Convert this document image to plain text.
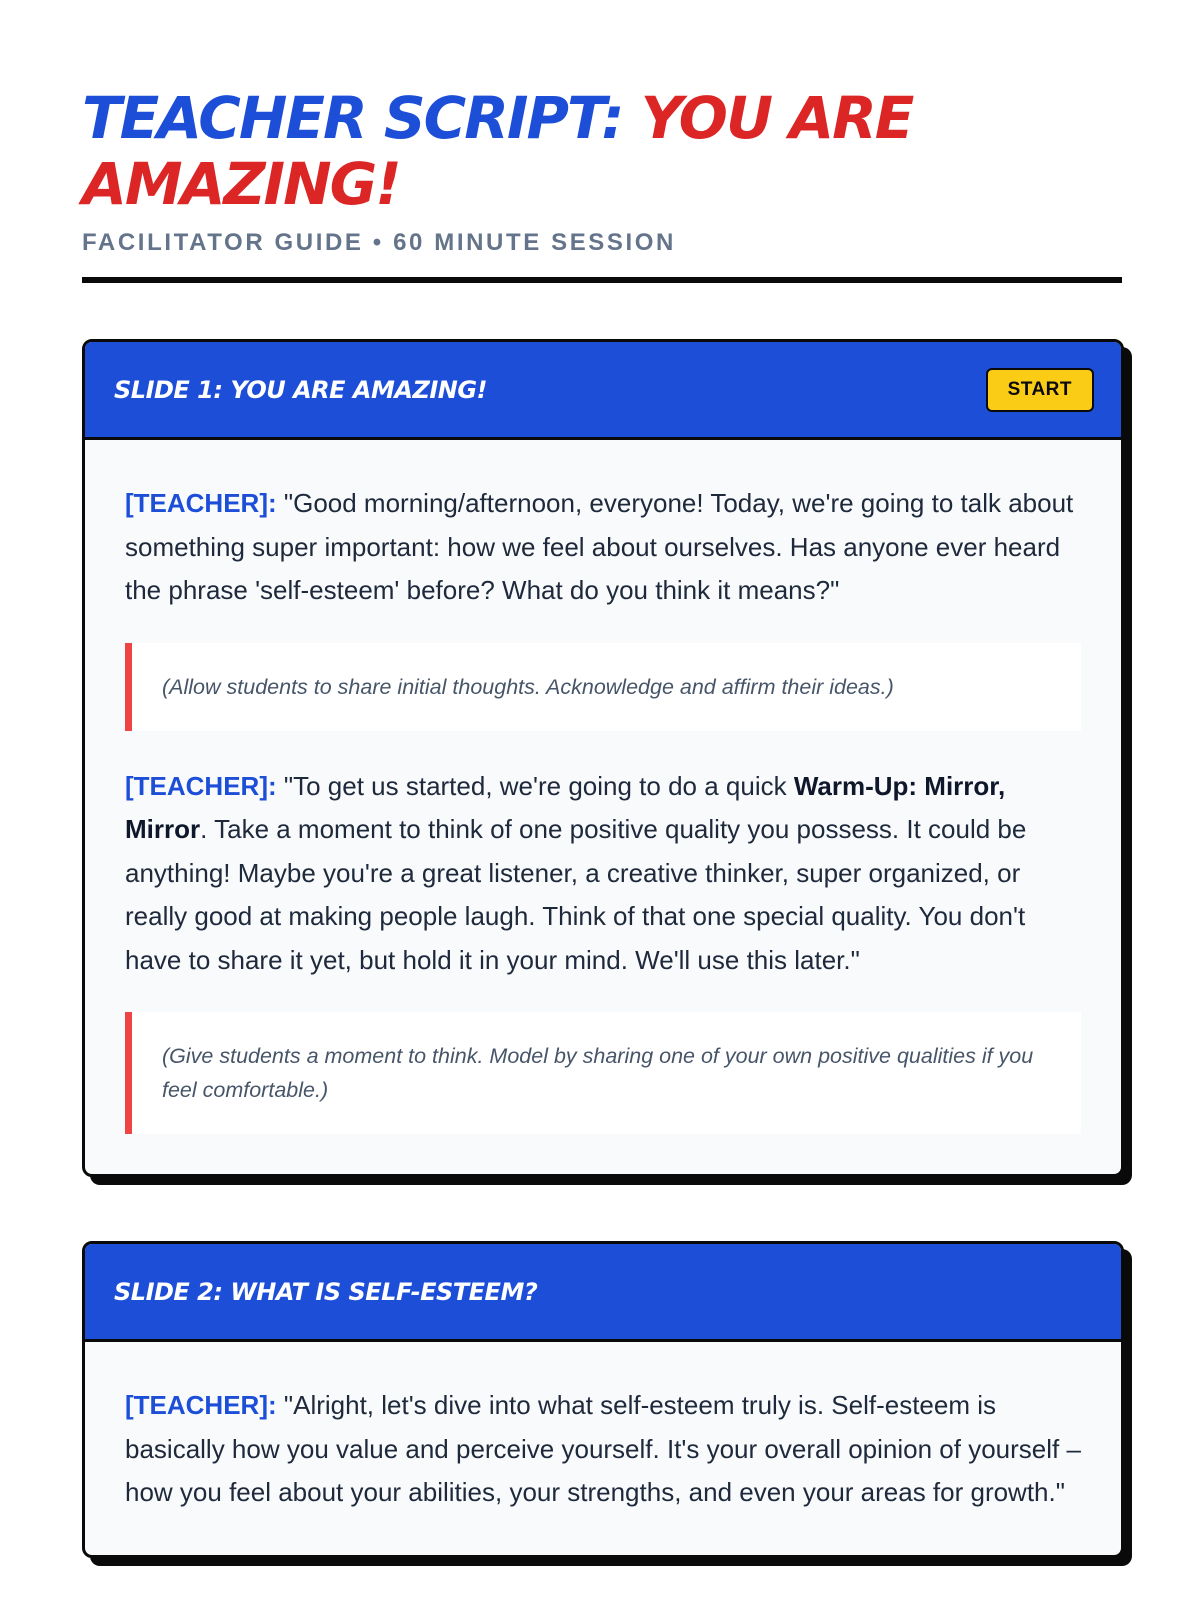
TEACHER SCRIPT: YOU ARE AMAZING!
FACILITATOR GUIDE • 60 MINUTE SESSION
SLIDE 1: YOU ARE AMAZING!	START

[TEACHER]: "Good morning/afternoon, everyone! Today, we're going to talk about something super important: how we feel about ourselves. Has anyone ever heard the phrase 'self-esteem' before? What do you think it means?"

(Allow students to share initial thoughts. Acknowledge and affirm their ideas.)

[TEACHER]: "To get us started, we're going to do a quick Warm-Up: Mirror, Mirror. Take a moment to think of one positive quality you possess. It could be anything! Maybe you're a great listener, a creative thinker, super organized, or really good at making people laugh. Think of that one special quality. You don't have to share it yet, but hold it in your mind. We'll use this later."

(Give students a moment to think. Model by sharing one of your own positive qualities if you feel comfortable.)
SLIDE 2: WHAT IS SELF-ESTEEM?

[TEACHER]: "Alright, let's dive into what self-esteem truly is. Self-esteem is basically how you value and perceive yourself. It's your overall opinion of yourself – how you feel about your abilities, your strengths, and even your areas for growth."
